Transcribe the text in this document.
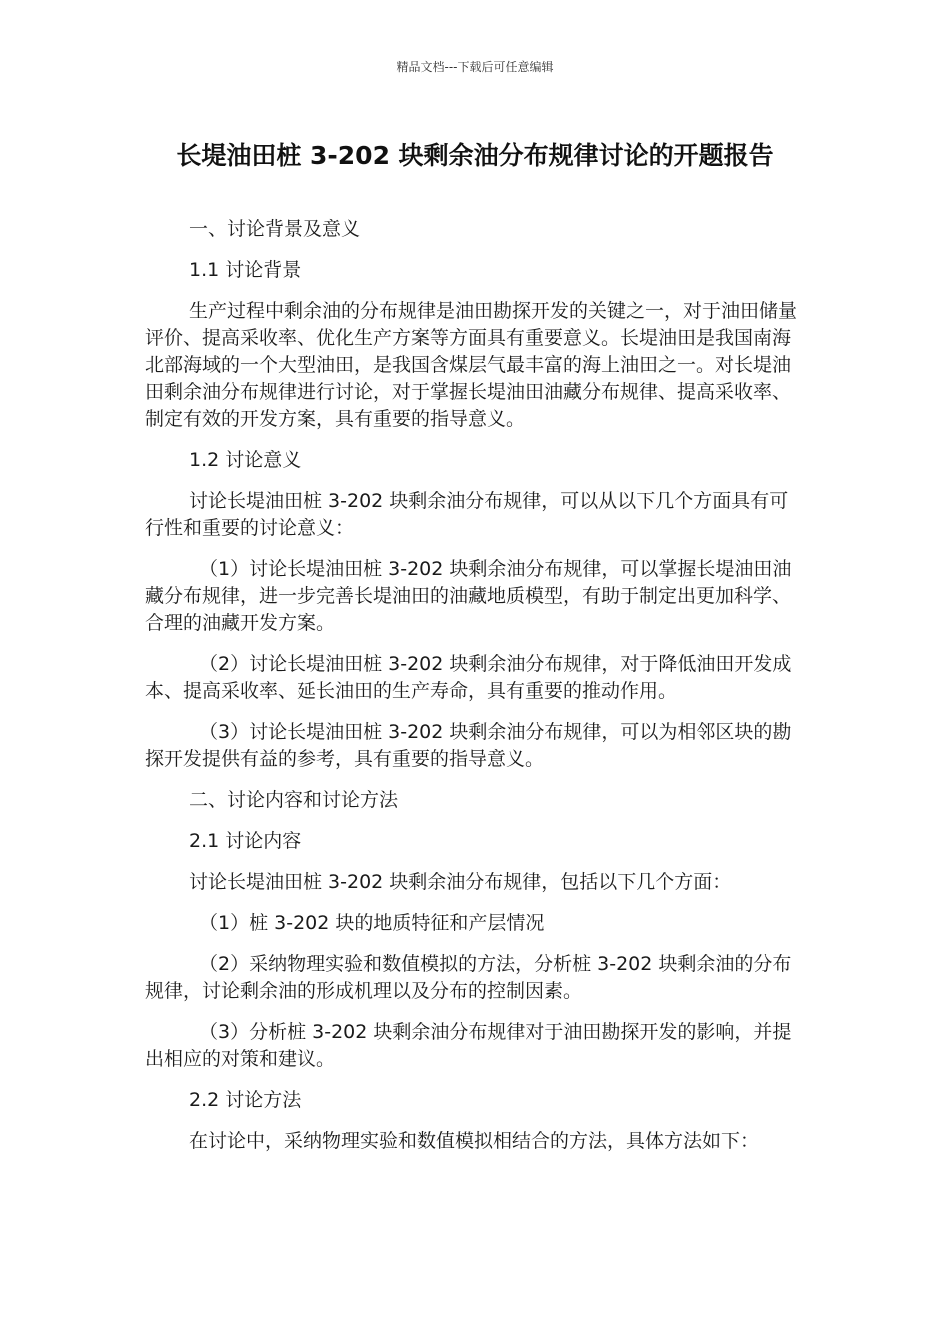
精品文档---下载后可任意编辑
长堤油田桩 3-202 块剩余油分布规律讨论的开题报告

一、讨论背景及意义

1.1 讨论背景

生产过程中剩余油的分布规律是油田勘探开发的关键之一，对于油田储量评价、提高采收率、优化生产方案等方面具有重要意义。长堤油田是我国南海北部海域的一个大型油田，是我国含煤层气最丰富的海上油田之一。对长堤油田剩余油分布规律进行讨论，对于掌握长堤油田油藏分布规律、提高采收率、制定有效的开发方案，具有重要的指导意义。

1.2 讨论意义

讨论长堤油田桩 3-202 块剩余油分布规律，可以从以下几个方面具有可行性和重要的讨论意义：

（1）讨论长堤油田桩 3-202 块剩余油分布规律，可以掌握长堤油田油藏分布规律，进一步完善长堤油田的油藏地质模型，有助于制定出更加科学、合理的油藏开发方案。

（2）讨论长堤油田桩 3-202 块剩余油分布规律，对于降低油田开发成本、提高采收率、延长油田的生产寿命，具有重要的推动作用。

（3）讨论长堤油田桩 3-202 块剩余油分布规律，可以为相邻区块的勘探开发提供有益的参考，具有重要的指导意义。

二、讨论内容和讨论方法

2.1 讨论内容

讨论长堤油田桩 3-202 块剩余油分布规律，包括以下几个方面：

（1）桩 3-202 块的地质特征和产层情况

（2）采纳物理实验和数值模拟的方法，分析桩 3-202 块剩余油的分布规律，讨论剩余油的形成机理以及分布的控制因素。

（3）分析桩 3-202 块剩余油分布规律对于油田勘探开发的影响，并提出相应的对策和建议。

2.2 讨论方法

在讨论中，采纳物理实验和数值模拟相结合的方法，具体方法如下：
